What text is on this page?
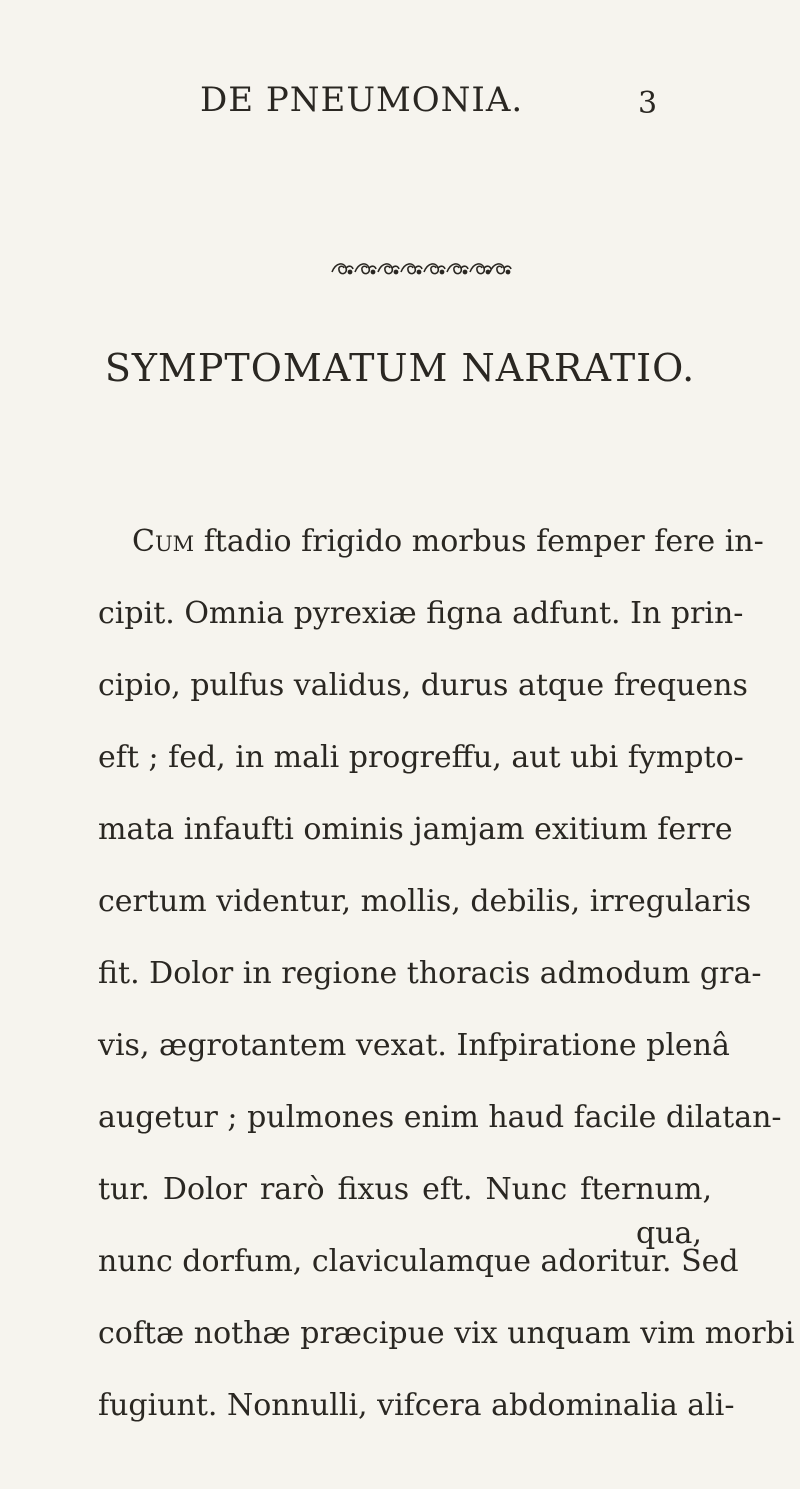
DE PNEUMONIA.	3
SYMPTOMATUM NARRATIO.
Cum ftadio frigido morbus femper fere in-
cipit. Omnia pyrexiæ figna adfunt. In prin-
cipio, pulfus validus, durus atque frequens
eft ; fed, in mali progreffu, aut ubi fympto-
mata infaufti ominis jamjam exitium ferre
certum videntur, mollis, debilis, irregularis
fit. Dolor in regione thoracis admodum gra-
vis, ægrotantem vexat. Infpiratione plenâ
augetur ; pulmones enim haud facile dilatan-
tur. Dolor rarò fixus eft. Nunc fternum,
nunc dorfum, claviculamque adoritur. Sed
coftæ nothæ præcipue vix unquam vim morbi
fugiunt. Nonnulli, vifcera abdominalia ali-
qua,
